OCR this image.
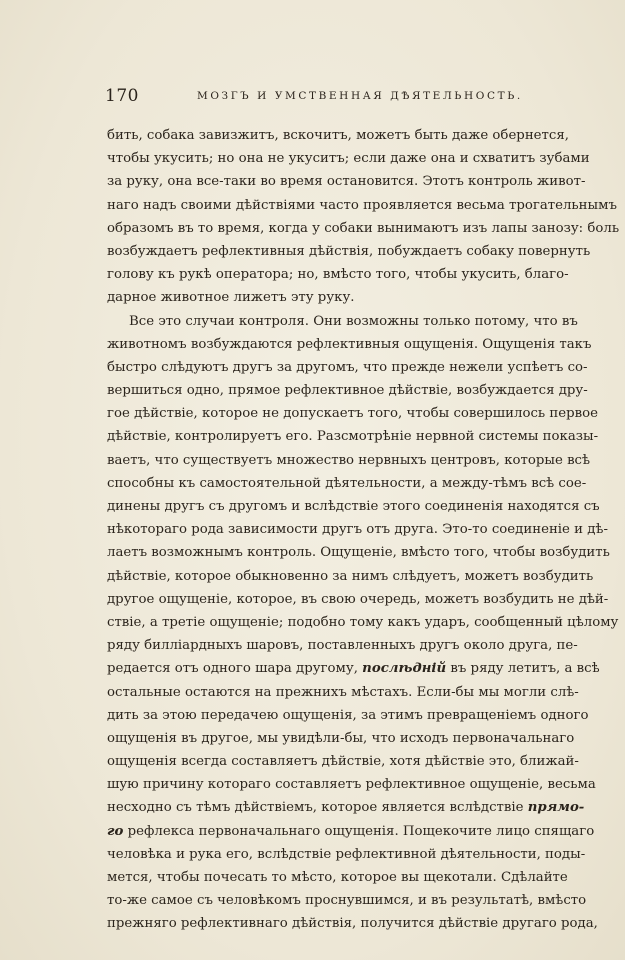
170	МОЗГЪ И УМСТВЕННАЯ ДѢЯТЕЛЬНОСТЬ.
бить, собака завизжитъ, вскочитъ, можетъ быть даже обернется,
чтобы укусить; но она не укуситъ; если даже она и схватитъ зубами
за руку, она все-таки во время остановится. Этотъ контроль живот-
наго надъ своими дѣйствіями часто проявляется весьма трогательнымъ
образомъ въ то время, когда у собаки вынимаютъ изъ лапы занозу: боль
возбуждаетъ рефлективныя дѣйствія, побуждаетъ собаку повернуть
голову къ рукѣ оператора; но, вмѣсто того, чтобы укусить, благо-
дарное животное лижетъ эту руку.
Все это случаи контроля. Они возможны только потому, что въ
животномъ возбуждаются рефлективныя ощущенія. Ощущенія такъ
быстро слѣдуютъ другъ за другомъ, что прежде нежели успѣетъ со-
вершиться одно, прямое рефлективное дѣйствіе, возбуждается дру-
гое дѣйствіе, которое не допускаетъ того, чтобы совершилось первое
дѣйствіе, контролируетъ его. Разсмотрѣніе нервной системы показы-
ваетъ, что существуетъ множество нервныхъ центровъ, которые всѣ
способны къ самостоятельной дѣятельности, а между-тѣмъ всѣ сое-
динены другъ съ другомъ и вслѣдствіе этого соединенія находятся съ
нѣкотораго рода зависимости другъ отъ друга. Это-то соединеніе и дѣ-
лаетъ возможнымъ контроль. Ощущеніе, вмѣсто того, чтобы возбудить
дѣйствіе, которое обыкновенно за нимъ слѣдуетъ, можетъ возбудить
другое ощущеніе, которое, въ свою очередь, можетъ возбудить не дѣй-
ствіе, а третіе ощущеніе; подобно тому какъ ударъ, сообщенный цѣлому
ряду билліардныхъ шаровъ, поставленныхъ другъ около друга, пе-
редается отъ одного шара другому, послѣдній въ ряду летитъ, а всѣ
остальные остаются на прежнихъ мѣстахъ. Если-бы мы могли слѣ-
дить за этою передачею ощущенія, за этимъ превращеніемъ одного
ощущенія въ другое, мы увидѣли-бы, что исходъ первоначальнаго
ощущенія всегда составляетъ дѣйствіе, хотя дѣйствіе это, ближай-
шую причину котораго составляетъ рефлективное ощущеніе, весьма
несходно съ тѣмъ дѣйствіемъ, которое является вслѣдствіе прямо-
го рефлекса первоначальнаго ощущенія. Пощекочите лицо спящаго
человѣка и рука его, вслѣдствіе рефлективной дѣятельности, поды-
мется, чтобы почесать то мѣсто, которое вы щекотали. Сдѣлайте
то-же самое съ человѣкомъ проснувшимся, и въ результатѣ, вмѣсто
прежняго рефлективнаго дѣйствія, получится дѣйствіе другаго рода,
